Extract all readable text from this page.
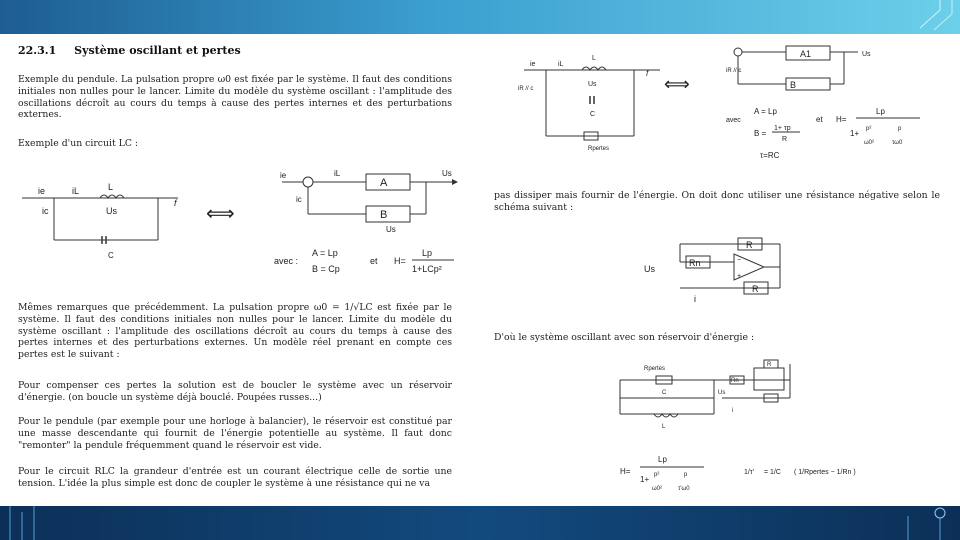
22.3.1 Système oscillant et pertes

Exemple du pendule. La pulsation propre ω0 est fixée par le système. Il faut des conditions initiales non nulles pour le lancer. Limite du modèle du système oscillant : l'amplitude des oscillations décroît au cours du temps à cause des pertes internes et des perturbations externes.

Exemple d'un circuit LC :

ie	iL
ic
L
Us
C
f ⟺
ie	iL
ic
A
B
Us
Us
avec :
A = Lp
B = Cp
et H=
Lp
1+LCp²

Mêmes remarques que précédemment. La pulsation propre ω0 = 1/√LC est fixée par le système. Il faut des conditions initiales non nulles pour le lancer. Limite du modèle du système oscillant : l'amplitude des oscillations décroît au cours du temps à cause des pertes internes et des perturbations externes. Un modèle réel prenant en compte ces pertes est le suivant :

Pour compenser ces pertes la solution est de boucler le système avec un réservoir d'énergie. (on boucle un système déjà bouclé. Poupées russes...)

Pour le pendule (par exemple pour une horloge à balancier), le réservoir est constitué par une masse descendante qui fournit de l'énergie potentielle au système. Il faut donc "remonter" la pendule fréquemment quand le réservoir est vide.

Pour le circuit RLC la grandeur d'entrée est un courant électrique celle de sortie une tension. L'idée la plus simple est donc de coupler le système à une résistance qui ne va

ie	iL
L
Us
iR // c
C
Rpertes
f
⟺
A1
B
iR // c
Us
avec
A = Lp
B =
1+ τp
R
τ=RC
et H=
Lp
1+ p²
ω0²
p
τω0

pas dissiper mais fournir de l'énergie. On doit donc utiliser une résistance négative selon le schéma suivant :

R
Rn
R
Us
i
−
+

D'où le système oscillant avec son réservoir d'énergie :

Rpertes
C
L
Us
i
Rn
R
H=
Lp
1+ p²
ω0²
p
τ'ω0
1/τ' = 1/C ( 1/Rpertes − 1/Rn )
